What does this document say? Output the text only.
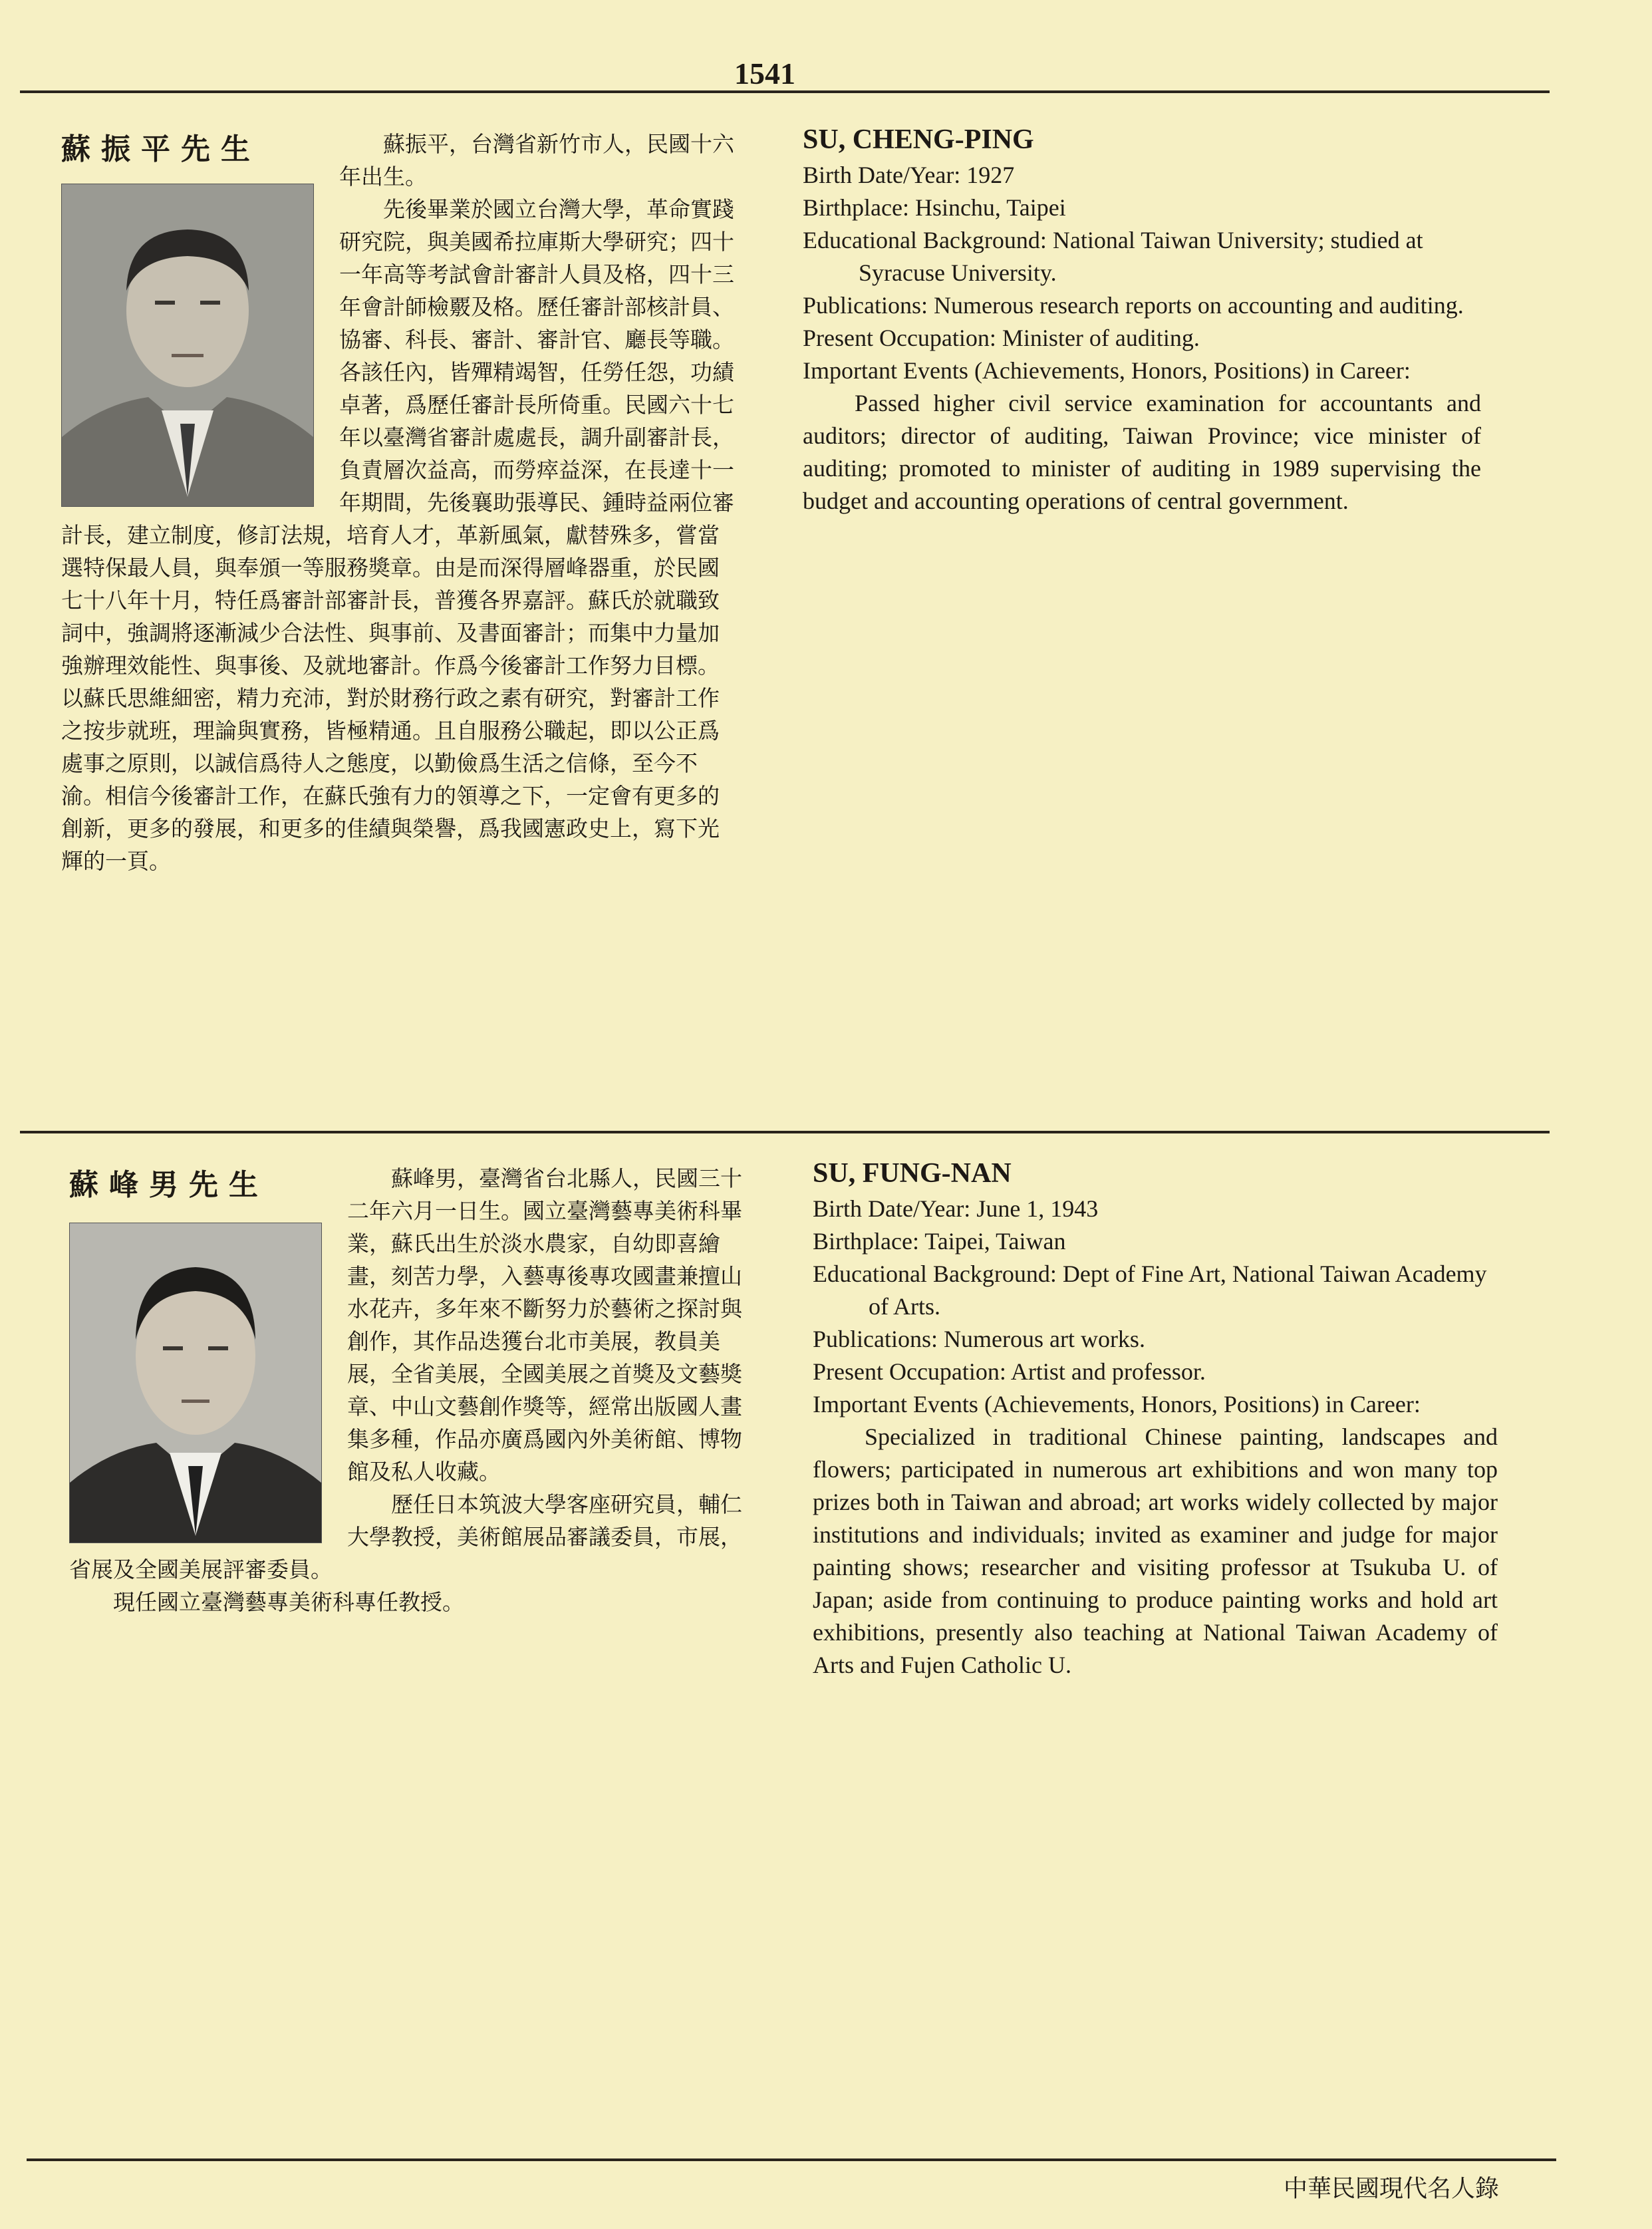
1541
蘇振平先生	　　蘇振平，台灣省新竹市人，民國十六年出生。

　　先後畢業於國立台灣大學，革命實踐研究院，與美國希拉庫斯大學研究；四十一年高等考試會計審計人員及格，四十三年會計師檢覈及格。歷任審計部核計員、協審、科長、審計、審計官、廳長等職。各該任內，皆殫精竭智，任勞任怨，功績卓著，爲歷任審計長所倚重。民國六十七年以臺灣省審計處處長，調升副審計長，負責層次益高，而勞瘁益深，在長達十一年期間，先後襄助張導民、鍾時益兩位審計長，建立制度，修訂法規，培育人才，革新風氣，獻替殊多，嘗當選特保最人員，與奉頒一等服務獎章。由是而深得層峰器重，於民國七十八年十月，特任爲審計部審計長，普獲各界嘉評。蘇氏於就職致詞中，強調將逐漸減少合法性、與事前、及書面審計；而集中力量加強辦理效能性、與事後、及就地審計。作爲今後審計工作努力目標。以蘇氏思維細密，精力充沛，對於財務行政之素有研究，對審計工作之按步就班，理論與實務，皆極精通。且自服務公職起，即以公正爲處事之原則，以誠信爲待人之態度，以勤儉爲生活之信條，至今不渝。相信今後審計工作，在蘇氏強有力的領導之下，一定會有更多的創新，更多的發展，和更多的佳績與榮譽，爲我國憲政史上，寫下光輝的一頁。

SU, CHENG-PING
Birth Date/Year: 1927
Birthplace: Hsinchu, Taipei
Educational Background: National Taiwan University; studied at Syracuse University.
Publications: Numerous research reports on accounting and auditing.
Present Occupation: Minister of auditing.
Important Events (Achievements, Honors, Positions) in Career:
Passed higher civil service examination for accountants and auditors; director of auditing, Taiwan Province; vice minister of auditing; promoted to minister of auditing in 1989 supervising the budget and accounting operations of central government.
蘇峰男先生	　　蘇峰男，臺灣省台北縣人，民國三十二年六月一日生。國立臺灣藝專美術科畢業，蘇氏出生於淡水農家，自幼即喜繪畫，刻苦力學，入藝專後專攻國畫兼擅山水花卉，多年來不斷努力於藝術之探討與創作，其作品迭獲台北市美展，教員美展，全省美展，全國美展之首獎及文藝獎章、中山文藝創作獎等，經常出版國人畫集多種，作品亦廣爲國內外美術館、博物館及私人收藏。

　　歷任日本筑波大學客座研究員，輔仁大學教授，美術館展品審議委員，市展，省展及全國美展評審委員。

　　現任國立臺灣藝專美術科專任教授。

SU, FUNG-NAN
Birth Date/Year: June 1, 1943
Birthplace: Taipei, Taiwan
Educational Background: Dept of Fine Art, National Taiwan Academy of Arts.
Publications: Numerous art works.
Present Occupation: Artist and professor.
Important Events (Achievements, Honors, Positions) in Career:
Specialized in traditional Chinese painting, landscapes and flowers; participated in numerous art exhibitions and won many top prizes both in Taiwan and abroad; art works widely collected by major institutions and individuals; invited as examiner and judge for major painting shows; researcher and visiting professor at Tsukuba U. of Japan; aside from continuing to produce painting works and hold art exhibitions, presently also teaching at National Taiwan Academy of Arts and Fujen Catholic U.
中華民國現代名人錄
